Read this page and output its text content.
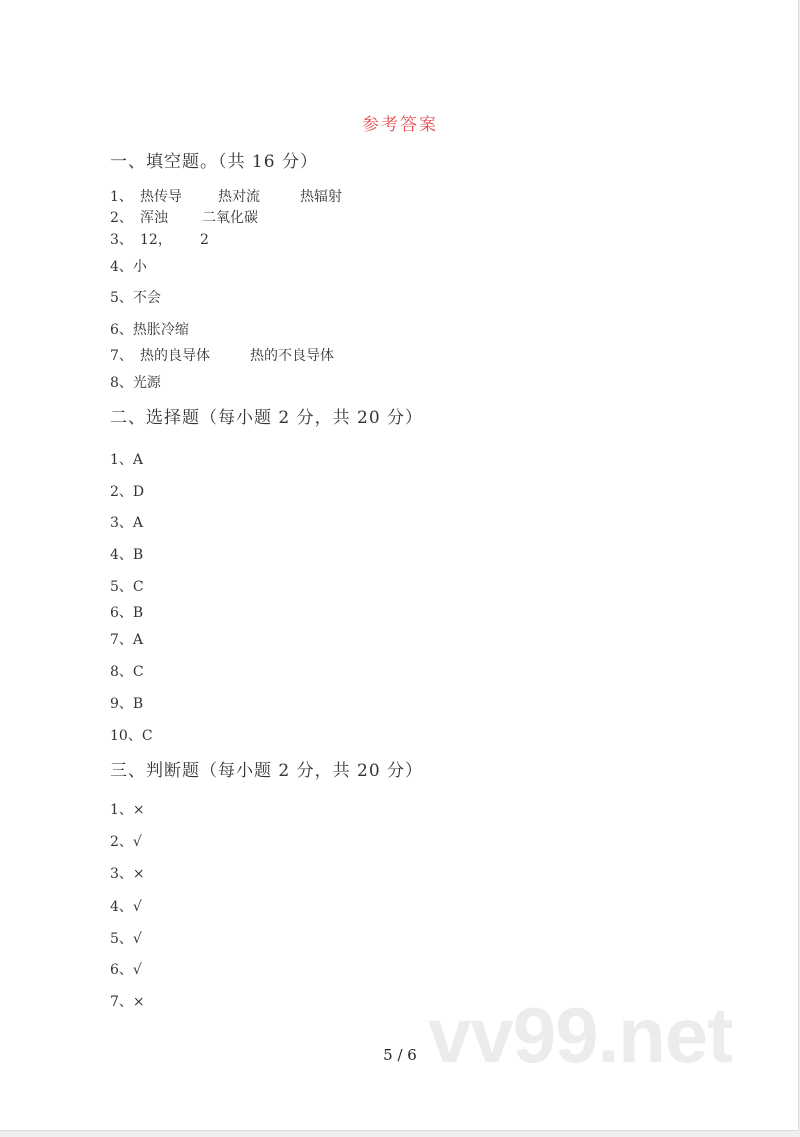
参考答案
一、填空题。（共 16 分）
1、 热传导	热对流	热辐射
2、 浑浊 二氧化碳
3、 12， 2
4、小
5、不会
6、热胀冷缩
7、 热的良导体	热的不良导体
8、光源
二、选择题（每小题 2 分，共 20 分）
1、A
2、D
3、A
4、B
5、C
6、B
7、A
8、C
9、B
10、C
三、判断题（每小题 2 分，共 20 分）
1、×
2、√
3、×
4、√
5、√
6、√
7、×	vv99.net
5 / 6
